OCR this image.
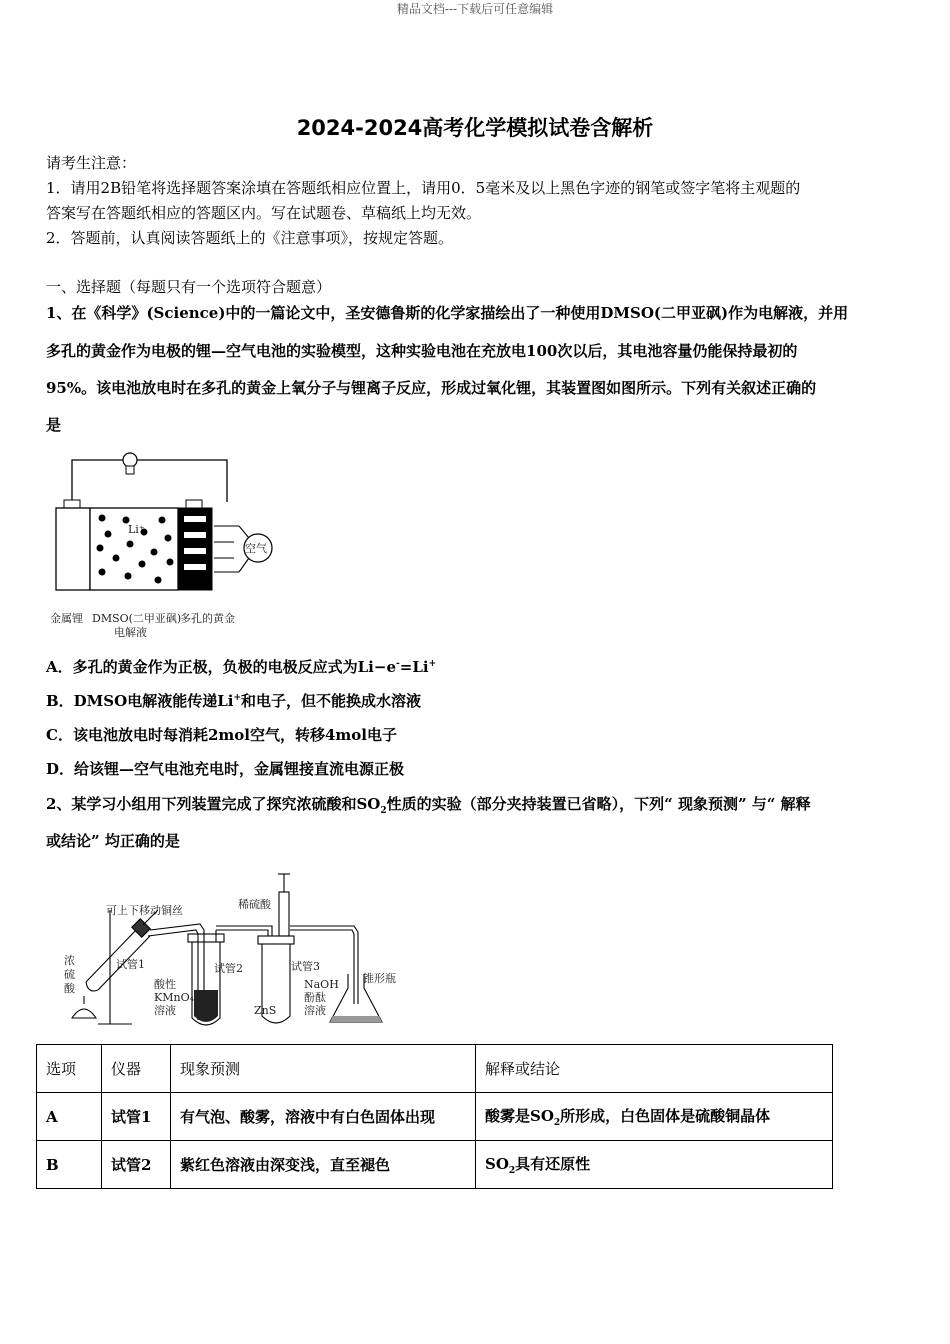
精品文档---下载后可任意编辑
2024-2024高考化学模拟试卷含解析
请考生注意：
1．请用2B铅笔将选择题答案涂填在答题纸相应位置上，请用0．5毫米及以上黑色字迹的钢笔或签字笔将主观题的
答案写在答题纸相应的答题区内。写在试题卷、草稿纸上均无效。
2．答题前，认真阅读答题纸上的《注意事项》，按规定答题。
一、选择题（每题只有一个选项符合题意）
1、在《科学》(Science)中的一篇论文中，圣安德鲁斯的化学家描绘出了一种使用DMSO(二甲亚砜)作为电解液，并用
多孔的黄金作为电极的锂—空气电池的实验模型，这种实验电池在充放电100次以后，其电池容量仍能保持最初的
95%。该电池放电时在多孔的黄金上氧分子与锂离子反应，形成过氧化锂，其装置图如图所示。下列有关叙述正确的
是
Li⁺
空气
金属锂 DMSO(二甲亚砜)
电解液
多孔的黄金
A．多孔的黄金作为正极，负极的电极反应式为Li−e-=Li+
B．DMSO电解液能传递Li+和电子，但不能换成水溶液
C．该电池放电时每消耗2mol空气，转移4mol电子
D．给该锂—空气电池充电时，金属锂接直流电源正极
2、某学习小组用下列装置完成了探究浓硫酸和$SO_2$性质的实验（部分夹持装置已省略），下列“ 现象预测” 与“ 解释
或结论” 均正确的是
可上下移动铜丝	稀硫酸
浓
硫
酸
试管1	试管2	试管3
锥形瓶
酸性
KMnO₄
溶液
NaOH
酚酞
溶液
ZnS
选项	仪器	现象预测	解释或结论
A	试管1	有气泡、酸雾，溶液中有白色固体出现	酸雾是$SO_2$所形成，白色固体是硫酸铜晶体
B	试管2	紫红色溶液由深变浅，直至褪色	$SO_2$具有还原性
